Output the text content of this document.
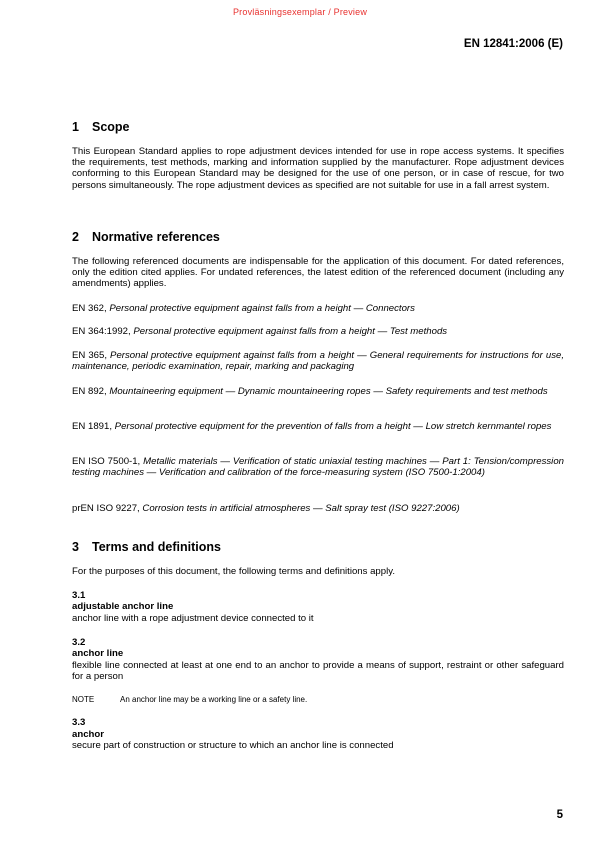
Provläsningsexemplar / Preview
EN 12841:2006 (E)
1 Scope

This European Standard applies to rope adjustment devices intended for use in rope access systems. It specifies the requirements, test methods, marking and information supplied by the manufacturer. Rope adjustment devices conforming to this European Standard may be designed for the use of one person, or in case of rescue, for two persons simultaneously. The rope adjustment devices as specified are not suitable for use in a fall arrest system.

2 Normative references

The following referenced documents are indispensable for the application of this document. For dated references, only the edition cited applies. For undated references, the latest edition of the referenced document (including any amendments) applies.

EN 362, Personal protective equipment against falls from a height — Connectors

EN 364:1992, Personal protective equipment against falls from a height — Test methods

EN 365, Personal protective equipment against falls from a height — General requirements for instructions for use, maintenance, periodic examination, repair, marking and packaging

EN 892, Mountaineering equipment — Dynamic mountaineering ropes — Safety requirements and test methods

EN 1891, Personal protective equipment for the prevention of falls from a height — Low stretch kernmantel ropes

EN ISO 7500-1, Metallic materials — Verification of static uniaxial testing machines — Part 1: Tension/compression testing machines — Verification and calibration of the force-measuring system (ISO 7500-1:2004)

prEN ISO 9227, Corrosion tests in artificial atmospheres — Salt spray test (ISO 9227:2006)

3 Terms and definitions

For the purposes of this document, the following terms and definitions apply.

3.1
adjustable anchor line

anchor line with a rope adjustment device connected to it

3.2
anchor line

flexible line connected at least at one end to an anchor to provide a means of support, restraint or other safeguard for a person

NOTE	An anchor line may be a working line or a safety line.
3.3
anchor

secure part of construction or structure to which an anchor line is connected

5
